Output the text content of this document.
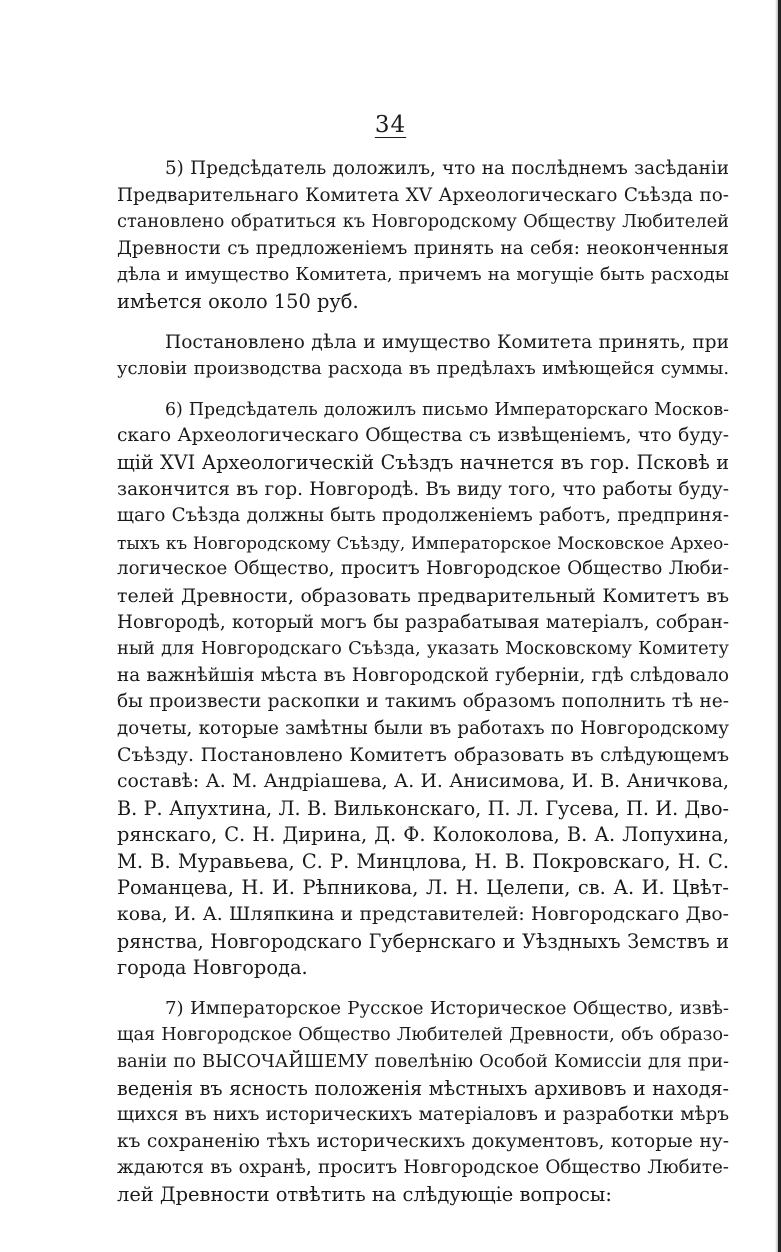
34
5) Предсѣдатель доложилъ, что на послѣднемъ засѣданіи
Предварительнаго Комитета XV Археологическаго Съѣзда по-
становлено обратиться къ Новгородскому Обществу Любителей
Древности съ предложеніемъ принять на себя: неоконченныя
дѣла и имущество Комитета, причемъ на могущіе быть расходы
имѣется около 150 руб.
Постановлено дѣла и имущество Комитета принять, при
условіи производства расхода въ предѣлахъ имѣющейся суммы.
6) Предсѣдатель доложилъ письмо Императорскаго Москов-
скаго Археологическаго Общества съ извѣщеніемъ, что буду-
щій XVI Археологическій Съѣздъ начнется въ гор. Псковѣ и
закончится въ гор. Новгородѣ. Въ виду того, что работы буду-
щаго Съѣзда должны быть продолженіемъ работъ, предприня-
тыхъ къ Новгородскому Съѣзду, Императорское Московское Архео-
логическое Общество, проситъ Новгородское Общество Люби-
телей Древности, образовать предварительный Комитетъ въ
Новгородѣ, который могъ бы разрабатывая матеріалъ, собран-
ный для Новгородскаго Съѣзда, указать Московскому Комитету
на важнѣйшія мѣста въ Новгородской губерніи, гдѣ слѣдовало
бы произвести раскопки и такимъ образомъ пополнить тѣ не-
дочеты, которые замѣтны были въ работахъ по Новгородскому
Съѣзду. Постановлено Комитетъ образовать въ слѣдующемъ
составѣ: А. М. Андріашева, А. И. Анисимова, И. В. Аничкова,
В. Р. Апухтина, Л. В. Вильконскаго, П. Л. Гусева, П. И. Дво-
рянскаго, С. Н. Дирина, Д. Ф. Колоколова, В. А. Лопухина,
М. В. Муравьева, С. Р. Минцлова, Н. В. Покровскаго, Н. С.
Романцева, Н. И. Рѣпникова, Л. Н. Целепи, св. А. И. Цвѣт-
кова, И. А. Шляпкина и представителей: Новгородскаго Дво-
рянства, Новгородскаго Губернскаго и Уѣздныхъ Земствъ и
города Новгорода.
7) Императорское Русское Историческое Общество, извѣ-
щая Новгородское Общество Любителей Древности, объ образо-
ваніи по ВЫСОЧАЙШЕМУ повелѣнію Особой Комиссіи для при-
веденія въ ясность положенія мѣстныхъ архивовъ и находя-
щихся въ нихъ историческихъ матеріаловъ и разработки мѣръ
къ сохраненію тѣхъ историческихъ документовъ, которые ну-
ждаются въ охранѣ, проситъ Новгородское Общество Любите-
лей Древности отвѣтить на слѣдующіе вопросы:
